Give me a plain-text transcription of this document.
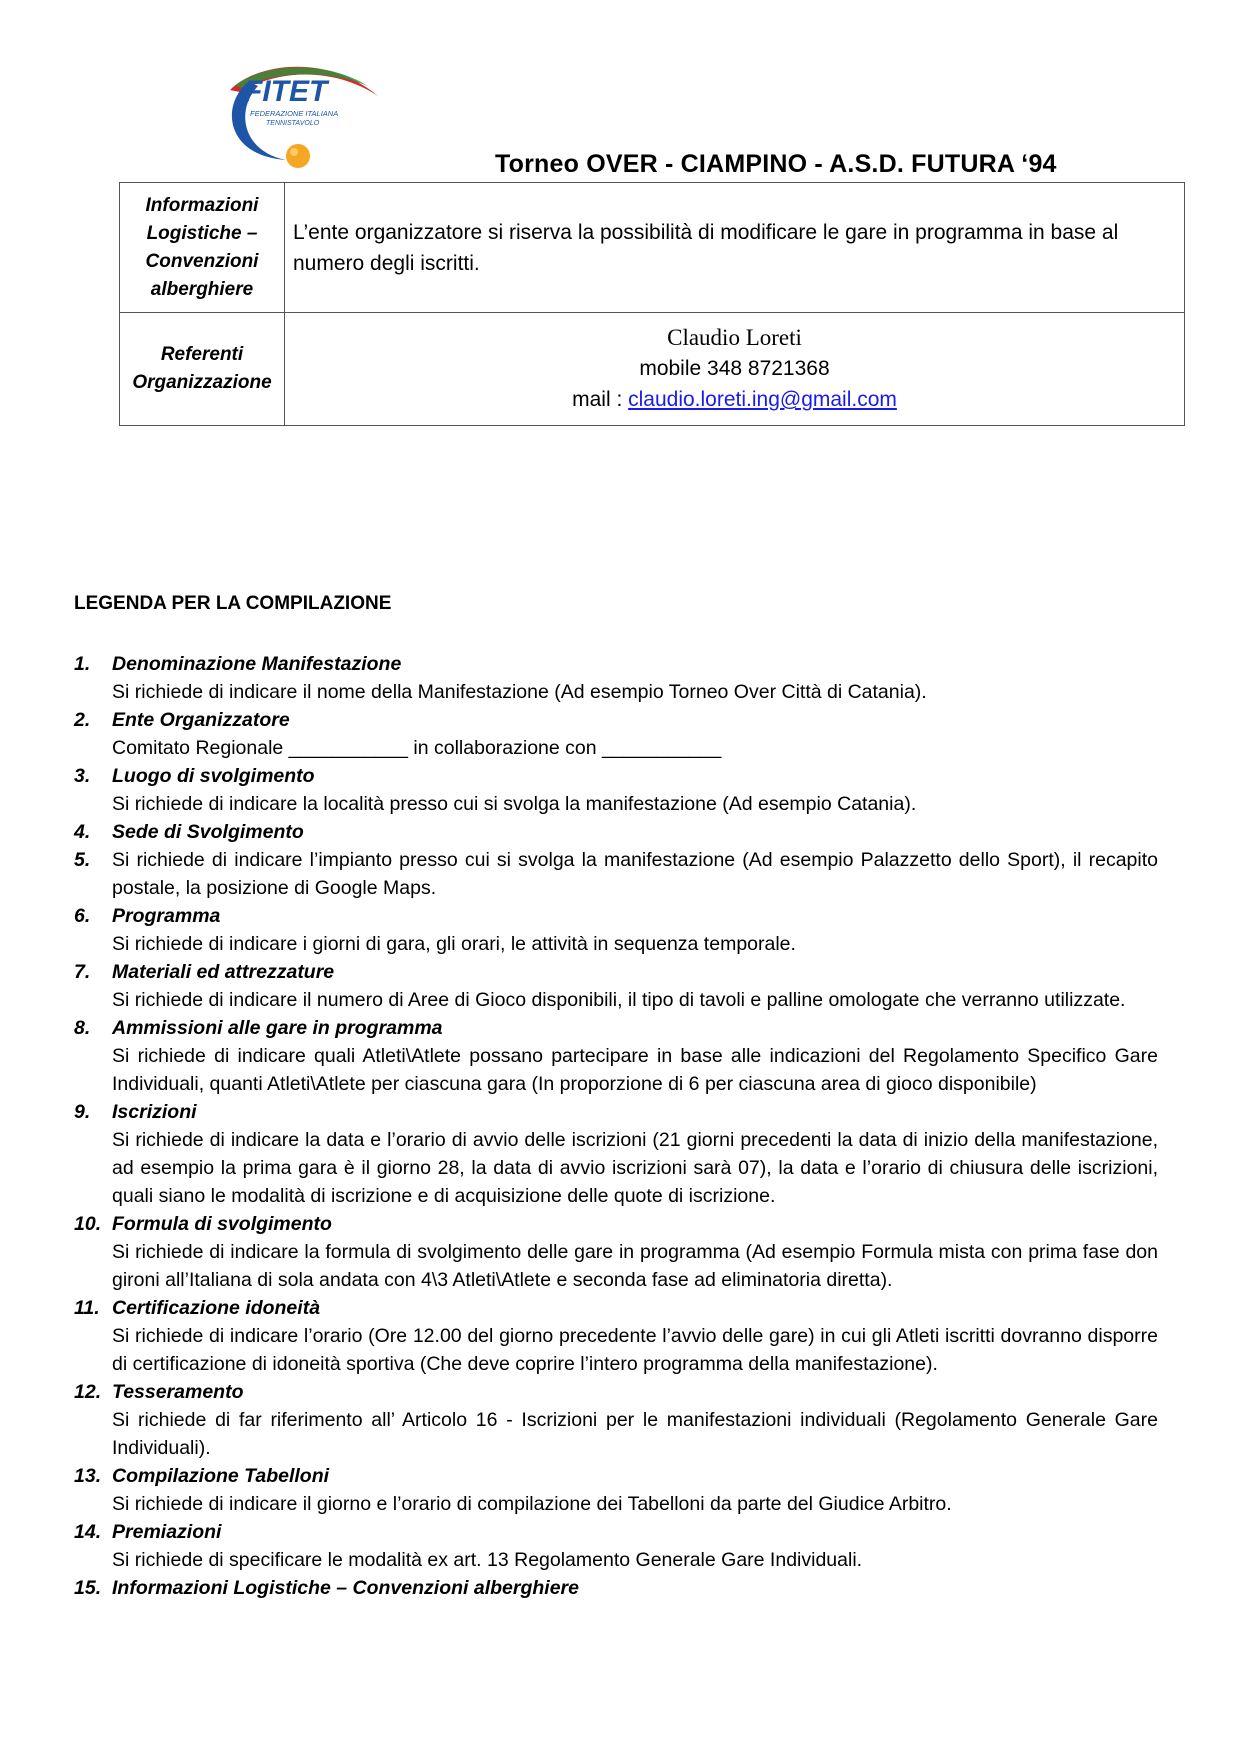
FITET
FEDERAZIONE ITALIANA
TENNISTAVOLO
Torneo OVER - CIAMPINO - A.S.D. FUTURA ‘94
Informazioni Logistiche – Convenzioni alberghiere	L’ente organizzatore si riserva la possibilità di modificare le gare in programma in base al numero degli iscritti.
Referenti Organizzazione	Claudio Loreti
mobile 348 8721368
mail : claudio.loreti.ing@gmail.com
LEGENDA PER LA COMPILAZIONE
1. Denominazione Manifestazione
Si richiede di indicare il nome della Manifestazione (Ad esempio Torneo Over Città di Catania).
2. Ente Organizzatore
Comitato Regionale ___________ in collaborazione con ___________
3. Luogo di svolgimento
Si richiede di indicare la località presso cui si svolga la manifestazione (Ad esempio Catania).
4. Sede di Svolgimento
5. Si richiede di indicare l’impianto presso cui si svolga la manifestazione (Ad esempio Palazzetto dello Sport), il recapito postale, la posizione di Google Maps.
6. Programma
Si richiede di indicare i giorni di gara, gli orari, le attività in sequenza temporale.
7. Materiali ed attrezzature
Si richiede di indicare il numero di Aree di Gioco disponibili, il tipo di tavoli e palline omologate che verranno utilizzate.
8. Ammissioni alle gare in programma
Si richiede di indicare quali Atleti\Atlete possano partecipare in base alle indicazioni del Regolamento Specifico Gare Individuali, quanti Atleti\Atlete per ciascuna gara (In proporzione di 6 per ciascuna area di gioco disponibile)
9. Iscrizioni
Si richiede di indicare la data e l’orario di avvio delle iscrizioni (21 giorni precedenti la data di inizio della manifestazione, ad esempio la prima gara è il giorno 28, la data di avvio iscrizioni sarà 07), la data e l’orario di chiusura delle iscrizioni, quali siano le modalità di iscrizione e di acquisizione delle quote di iscrizione.
10. Formula di svolgimento
Si richiede di indicare la formula di svolgimento delle gare in programma (Ad esempio Formula mista con prima fase don gironi all’Italiana di sola andata con 4\3 Atleti\Atlete e seconda fase ad eliminatoria diretta).
11. Certificazione idoneità
Si richiede di indicare l’orario (Ore 12.00 del giorno precedente l’avvio delle gare) in cui gli Atleti iscritti dovranno disporre di certificazione di idoneità sportiva (Che deve coprire l’intero programma della manifestazione).
12. Tesseramento
Si richiede di far riferimento all’ Articolo 16 - Iscrizioni per le manifestazioni individuali (Regolamento Generale Gare Individuali).
13. Compilazione Tabelloni
Si richiede di indicare il giorno e l’orario di compilazione dei Tabelloni da parte del Giudice Arbitro.
14. Premiazioni
Si richiede di specificare le modalità ex art. 13 Regolamento Generale Gare Individuali.
15. Informazioni Logistiche – Convenzioni alberghiere
